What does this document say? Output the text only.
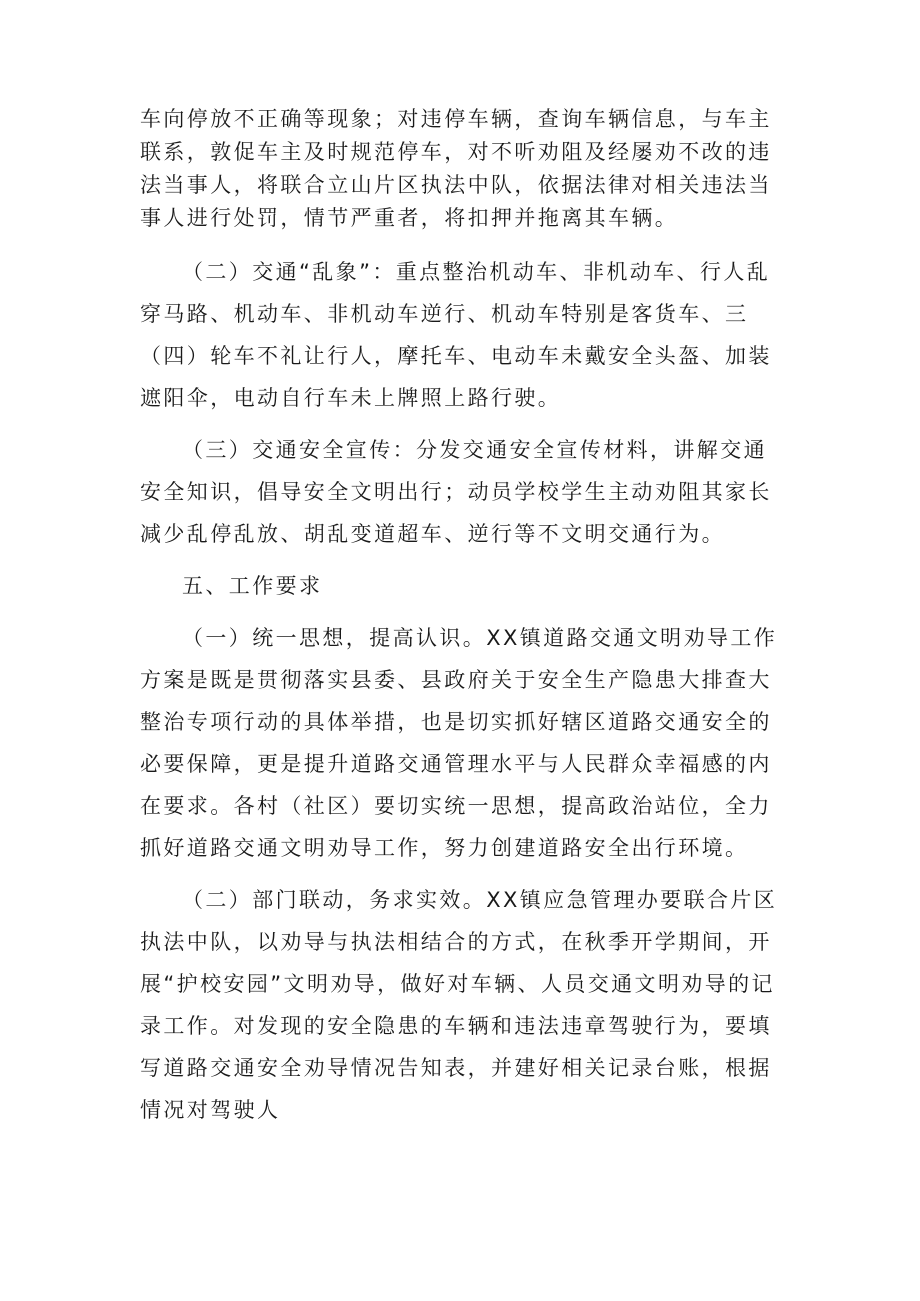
车向停放不正确等现象；对违停车辆，查询车辆信息，与车主联系，敦促车主及时规范停车，对不听劝阻及经屡劝不改的违法当事人，将联合立山片区执法中队，依据法律对相关违法当事人进行处罚，情节严重者，将扣押并拖离其车辆。

（二）交通“乱象”：重点整治机动车、非机动车、行人乱穿马路、机动车、非机动车逆行、机动车特别是客货车、三（四）轮车不礼让行人，摩托车、电动车未戴安全头盔、加装遮阳伞，电动自行车未上牌照上路行驶。

（三）交通安全宣传：分发交通安全宣传材料，讲解交通安全知识，倡导安全文明出行；动员学校学生主动劝阻其家长减少乱停乱放、胡乱变道超车、逆行等不文明交通行为。

五、工作要求

（一）统一思想，提高认识。XX镇道路交通文明劝导工作方案是既是贯彻落实县委、县政府关于安全生产隐患大排查大整治专项行动的具体举措，也是切实抓好辖区道路交通安全的必要保障，更是提升道路交通管理水平与人民群众幸福感的内在要求。各村（社区）要切实统一思想，提高政治站位，全力抓好道路交通文明劝导工作，努力创建道路安全出行环境。

（二）部门联动，务求实效。XX镇应急管理办要联合片区执法中队，以劝导与执法相结合的方式，在秋季开学期间，开展“护校安园”文明劝导，做好对车辆、人员交通文明劝导的记录工作。对发现的安全隐患的车辆和违法违章驾驶行为，要填写道路交通安全劝导情况告知表，并建好相关记录台账，根据情况对驾驶人
